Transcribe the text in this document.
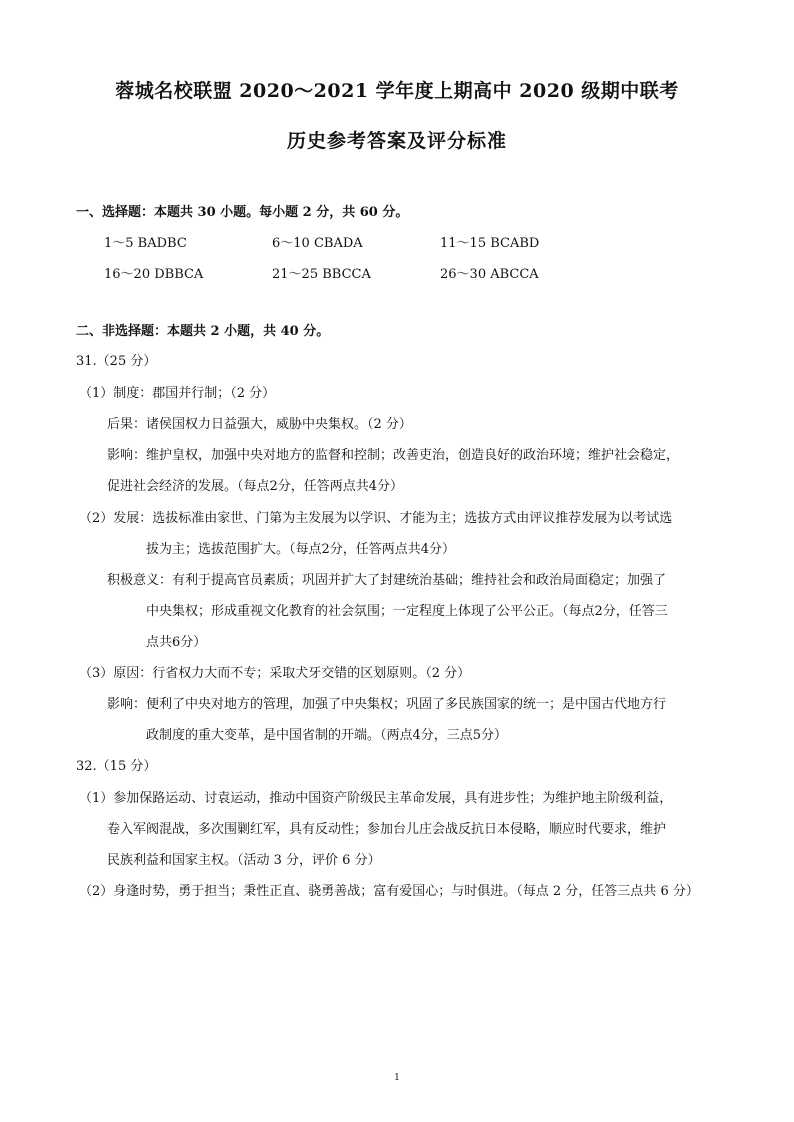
蓉城名校联盟 2020～2021 学年度上期高中 2020 级期中联考
历史参考答案及评分标准
一、选择题：本题共 30 小题。每小题 2 分，共 60 分。
1～5 BADBC	6～10 CBADA	11～15 BCABD
16～20 DBBCA	21～25 BBCCA	26～30 ABCCA
二、非选择题：本题共 2 小题，共 40 分。
31.（25 分）
（1）制度：郡国并行制；（2 分）
后果：诸侯国权力日益强大，威胁中央集权。（2 分）
影响：维护皇权，加强中央对地方的监督和控制；改善吏治，创造良好的政治环境；维护社会稳定，
促进社会经济的发展。（每点2分，任答两点共4分）
（2）发展：选拔标准由家世、门第为主发展为以学识、才能为主；选拔方式由评议推荐发展为以考试选
拔为主；选拔范围扩大。（每点2分，任答两点共4分）
积极意义：有利于提高官员素质；巩固并扩大了封建统治基础；维持社会和政治局面稳定；加强了
中央集权；形成重视文化教育的社会氛围；一定程度上体现了公平公正。（每点2分，任答三
点共6分）
（3）原因：行省权力大而不专；采取犬牙交错的区划原则。（2 分）
影响：便利了中央对地方的管理，加强了中央集权；巩固了多民族国家的统一；是中国古代地方行
政制度的重大变革，是中国省制的开端。（两点4分，三点5分）
32.（15 分）
（1）参加保路运动、讨袁运动，推动中国资产阶级民主革命发展，具有进步性；为维护地主阶级利益，
卷入军阀混战，多次围剿红军，具有反动性；参加台儿庄会战反抗日本侵略，顺应时代要求，维护
民族利益和国家主权。（活动 3 分，评价 6 分）
（2）身逢时势，勇于担当；秉性正直、骁勇善战；富有爱国心；与时俱进。（每点 2 分，任答三点共 6 分）
1
